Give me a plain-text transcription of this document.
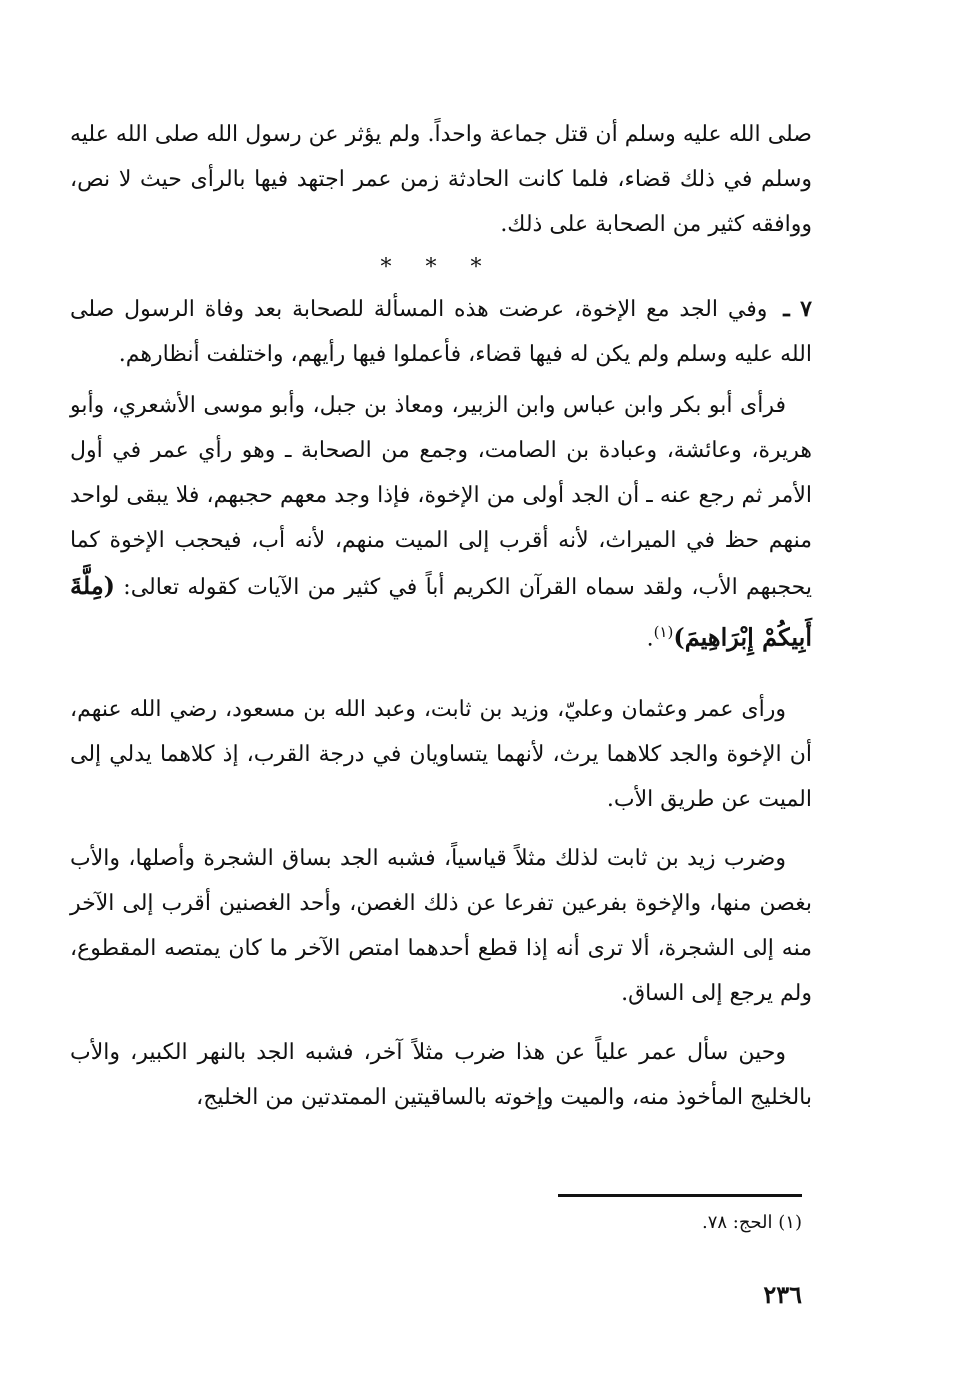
صلى الله عليه وسلم أن قتل جماعة واحداً. ولم يؤثر عن رسول الله صلى الله عليه وسلم في ذلك قضاء، فلما كانت الحادثة زمن عمر اجتهد فيها بالرأى حيث لا نص، ووافقه كثير من الصحابة على ذلك.

*
*
*

٧ ـ وفي الجد مع الإخوة، عرضت هذه المسألة للصحابة بعد وفاة الرسول صلى الله عليه وسلم ولم يكن له فيها قضاء، فأعملوا فيها رأيهم، واختلفت أنظارهم.

فرأى أبو بكر وابن عباس وابن الزبير، ومعاذ بن جبل، وأبو موسى الأشعري، وأبو هريرة، وعائشة، وعبادة بن الصامت، وجمع من الصحابة ـ وهو رأي عمر في أول الأمر ثم رجع عنه ـ أن الجد أولى من الإخوة، فإذا وجد معهم حجبهم، فلا يبقى لواحد منهم حظ في الميراث، لأنه أقرب إلى الميت منهم، لأنه أب، فيحجب الإخوة كما يحجبهم الأب، ولقد سماه القرآن الكريم أباً في كثير من الآيات كقوله تعالى: (مِلَّةَ أَبِيكُمْ إِبْرَاهِيمَ)$^{(١)}$.

ورأى عمر وعثمان وعليّ، وزيد بن ثابت، وعبد الله بن مسعود، رضي الله عنهم، أن الإخوة والجد كلاهما يرث، لأنهما يتساويان في درجة القرب، إذ كلاهما يدلي إلى الميت عن طريق الأب.

وضرب زيد بن ثابت لذلك مثلاً قياسياً، فشبه الجد بساق الشجرة وأصلها، والأب بغصن منها، والإخوة بفرعين تفرعا عن ذلك الغصن، وأحد الغصنين أقرب إلى الآخر منه إلى الشجرة، ألا ترى أنه إذا قطع أحدهما امتص الآخر ما كان يمتصه المقطوع، ولم يرجع إلى الساق.

وحين سأل عمر علياً عن هذا ضرب مثلاً آخر، فشبه الجد بالنهر الكبير، والأب بالخليج المأخوذ منه، والميت وإخوته بالساقيتين الممتدتين من الخليج،

(١) الحج: ٧٨.
٢٣٦
